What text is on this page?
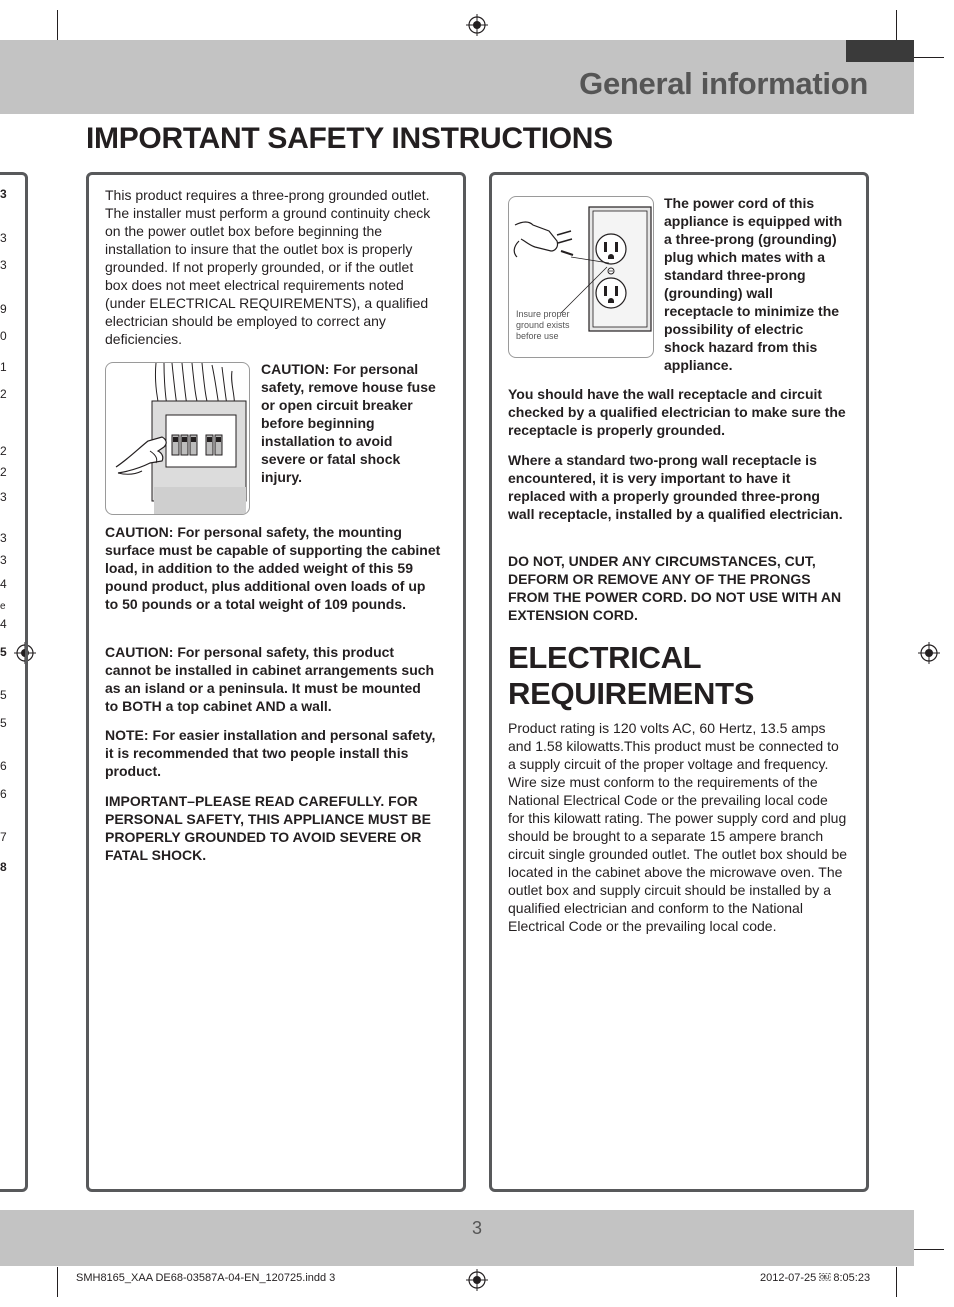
General information
IMPORTANT SAFETY INSTRUCTIONS
3
3
3
9
0
1
2
2
2
3
3
3
4
e
4
5
5
5
6
6
7
8
This product requires a three-prong grounded outlet. The installer must perform a ground continuity check on the power outlet box before beginning the installation to insure that the outlet box is properly grounded. If not properly grounded, or if the outlet box does not meet electrical requirements noted (under ELECTRICAL REQUIREMENTS), a qualified electrician should be employed to correct any deficiencies.
CAUTION: For personal safety, remove house fuse or open circuit breaker before beginning installation to avoid severe or fatal shock injury.
CAUTION: For personal safety, the mounting surface must be capable of supporting the cabinet load, in addition to the added weight of this 59 pound product, plus additional oven loads of up to 50 pounds or a total weight of 109 pounds.
CAUTION: For personal safety, this product cannot be installed in cabinet arrangements such as an island or a peninsula. It must be mounted to BOTH a top cabinet AND a wall.
NOTE: For easier installation and personal safety, it is recommended that two people install this product.
IMPORTANT–PLEASE READ CAREFULLY. FOR PERSONAL SAFETY, THIS APPLIANCE MUST BE PROPERLY GROUNDED TO AVOID SEVERE OR FATAL SHOCK.
Insure proper ground exists before use
The power cord of this appliance is equipped with a three-prong (grounding) plug which mates with a standard three-prong (grounding) wall receptacle to minimize the possibility of electric shock hazard from this appliance.
You should have the wall receptacle and circuit checked by a qualified electrician to make sure the receptacle is properly grounded.
Where a standard two-prong wall receptacle is encountered, it is very important to have it replaced with a properly grounded three-prong wall receptacle, installed by a qualified electrician.
DO NOT, UNDER ANY CIRCUMSTANCES, CUT, DEFORM OR REMOVE ANY OF THE PRONGS FROM THE POWER CORD. DO NOT USE WITH AN EXTENSION CORD.
ELECTRICAL REQUIREMENTS
Product rating is 120 volts AC, 60 Hertz, 13.5 amps and 1.58 kilowatts.This product must be connected to a supply circuit of the proper voltage and frequency. Wire size must conform to the requirements of the National Electrical Code or the prevailing local code for this kilowatt rating. The power supply cord and plug should be brought to a separate 15 ampere branch circuit single grounded outlet. The outlet box should be located in the cabinet above the microwave oven. The outlet box and supply circuit should be installed by a qualified electrician and conform to the National Electrical Code or the prevailing local code.
3
SMH8165_XAA DE68-03587A-04-EN_120725.indd 3	2012-07-25 ￼ 8:05:23
